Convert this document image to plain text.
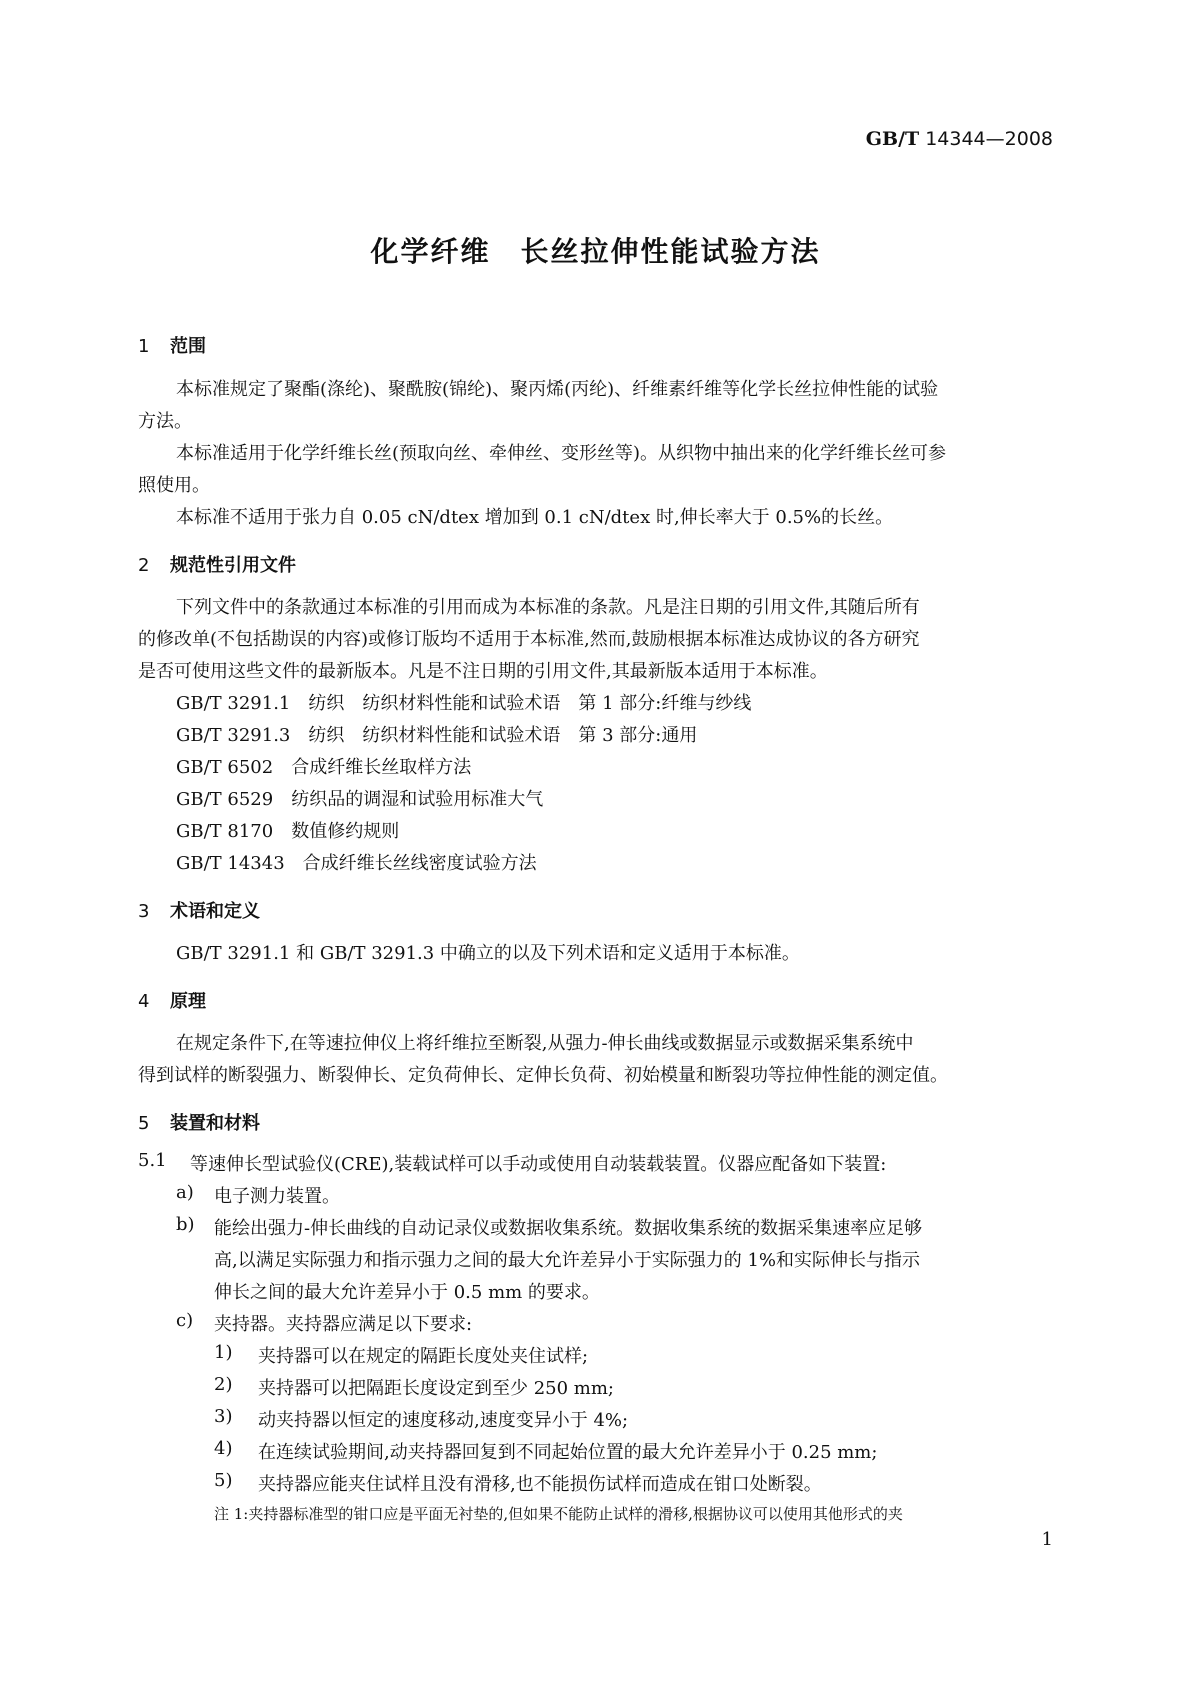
GB/T 14344—2008
化学纤维　长丝拉伸性能试验方法
1 范围
本标准规定了聚酯(涤纶)、聚酰胺(锦纶)、聚丙烯(丙纶)、纤维素纤维等化学长丝拉伸性能的试验
方法。
本标准适用于化学纤维长丝(预取向丝、牵伸丝、变形丝等)。从织物中抽出来的化学纤维长丝可参
照使用。
本标准不适用于张力自 0.05 cN/dtex 增加到 0.1 cN/dtex 时,伸长率大于 0.5%的长丝。
2 规范性引用文件
下列文件中的条款通过本标准的引用而成为本标准的条款。凡是注日期的引用文件,其随后所有
的修改单(不包括勘误的内容)或修订版均不适用于本标准,然而,鼓励根据本标准达成协议的各方研究
是否可使用这些文件的最新版本。凡是不注日期的引用文件,其最新版本适用于本标准。
GB/T 3291.1　纺织　纺织材料性能和试验术语　第 1 部分:纤维与纱线
GB/T 3291.3　纺织　纺织材料性能和试验术语　第 3 部分:通用
GB/T 6502　合成纤维长丝取样方法
GB/T 6529　纺织品的调湿和试验用标准大气
GB/T 8170　数值修约规则
GB/T 14343　合成纤维长丝线密度试验方法
3 术语和定义
GB/T 3291.1 和 GB/T 3291.3 中确立的以及下列术语和定义适用于本标准。
4 原理
在规定条件下,在等速拉伸仪上将纤维拉至断裂,从强力-伸长曲线或数据显示或数据采集系统中
得到试样的断裂强力、断裂伸长、定负荷伸长、定伸长负荷、初始模量和断裂功等拉伸性能的测定值。
5 装置和材料
5.1 等速伸长型试验仪(CRE),装载试样可以手动或使用自动装载装置。仪器应配备如下装置:
a) 电子测力装置。
b) 能绘出强力-伸长曲线的自动记录仪或数据收集系统。数据收集系统的数据采集速率应足够
高,以满足实际强力和指示强力之间的最大允许差异小于实际强力的 1%和实际伸长与指示
伸长之间的最大允许差异小于 0.5 mm 的要求。
c) 夹持器。夹持器应满足以下要求:
1) 夹持器可以在规定的隔距长度处夹住试样;
2) 夹持器可以把隔距长度设定到至少 250 mm;
3) 动夹持器以恒定的速度移动,速度变异小于 4%;
4) 在连续试验期间,动夹持器回复到不同起始位置的最大允许差异小于 0.25 mm;
5) 夹持器应能夹住试样且没有滑移,也不能损伤试样而造成在钳口处断裂。
注 1:夹持器标准型的钳口应是平面无衬垫的,但如果不能防止试样的滑移,根据协议可以使用其他形式的夹
1
